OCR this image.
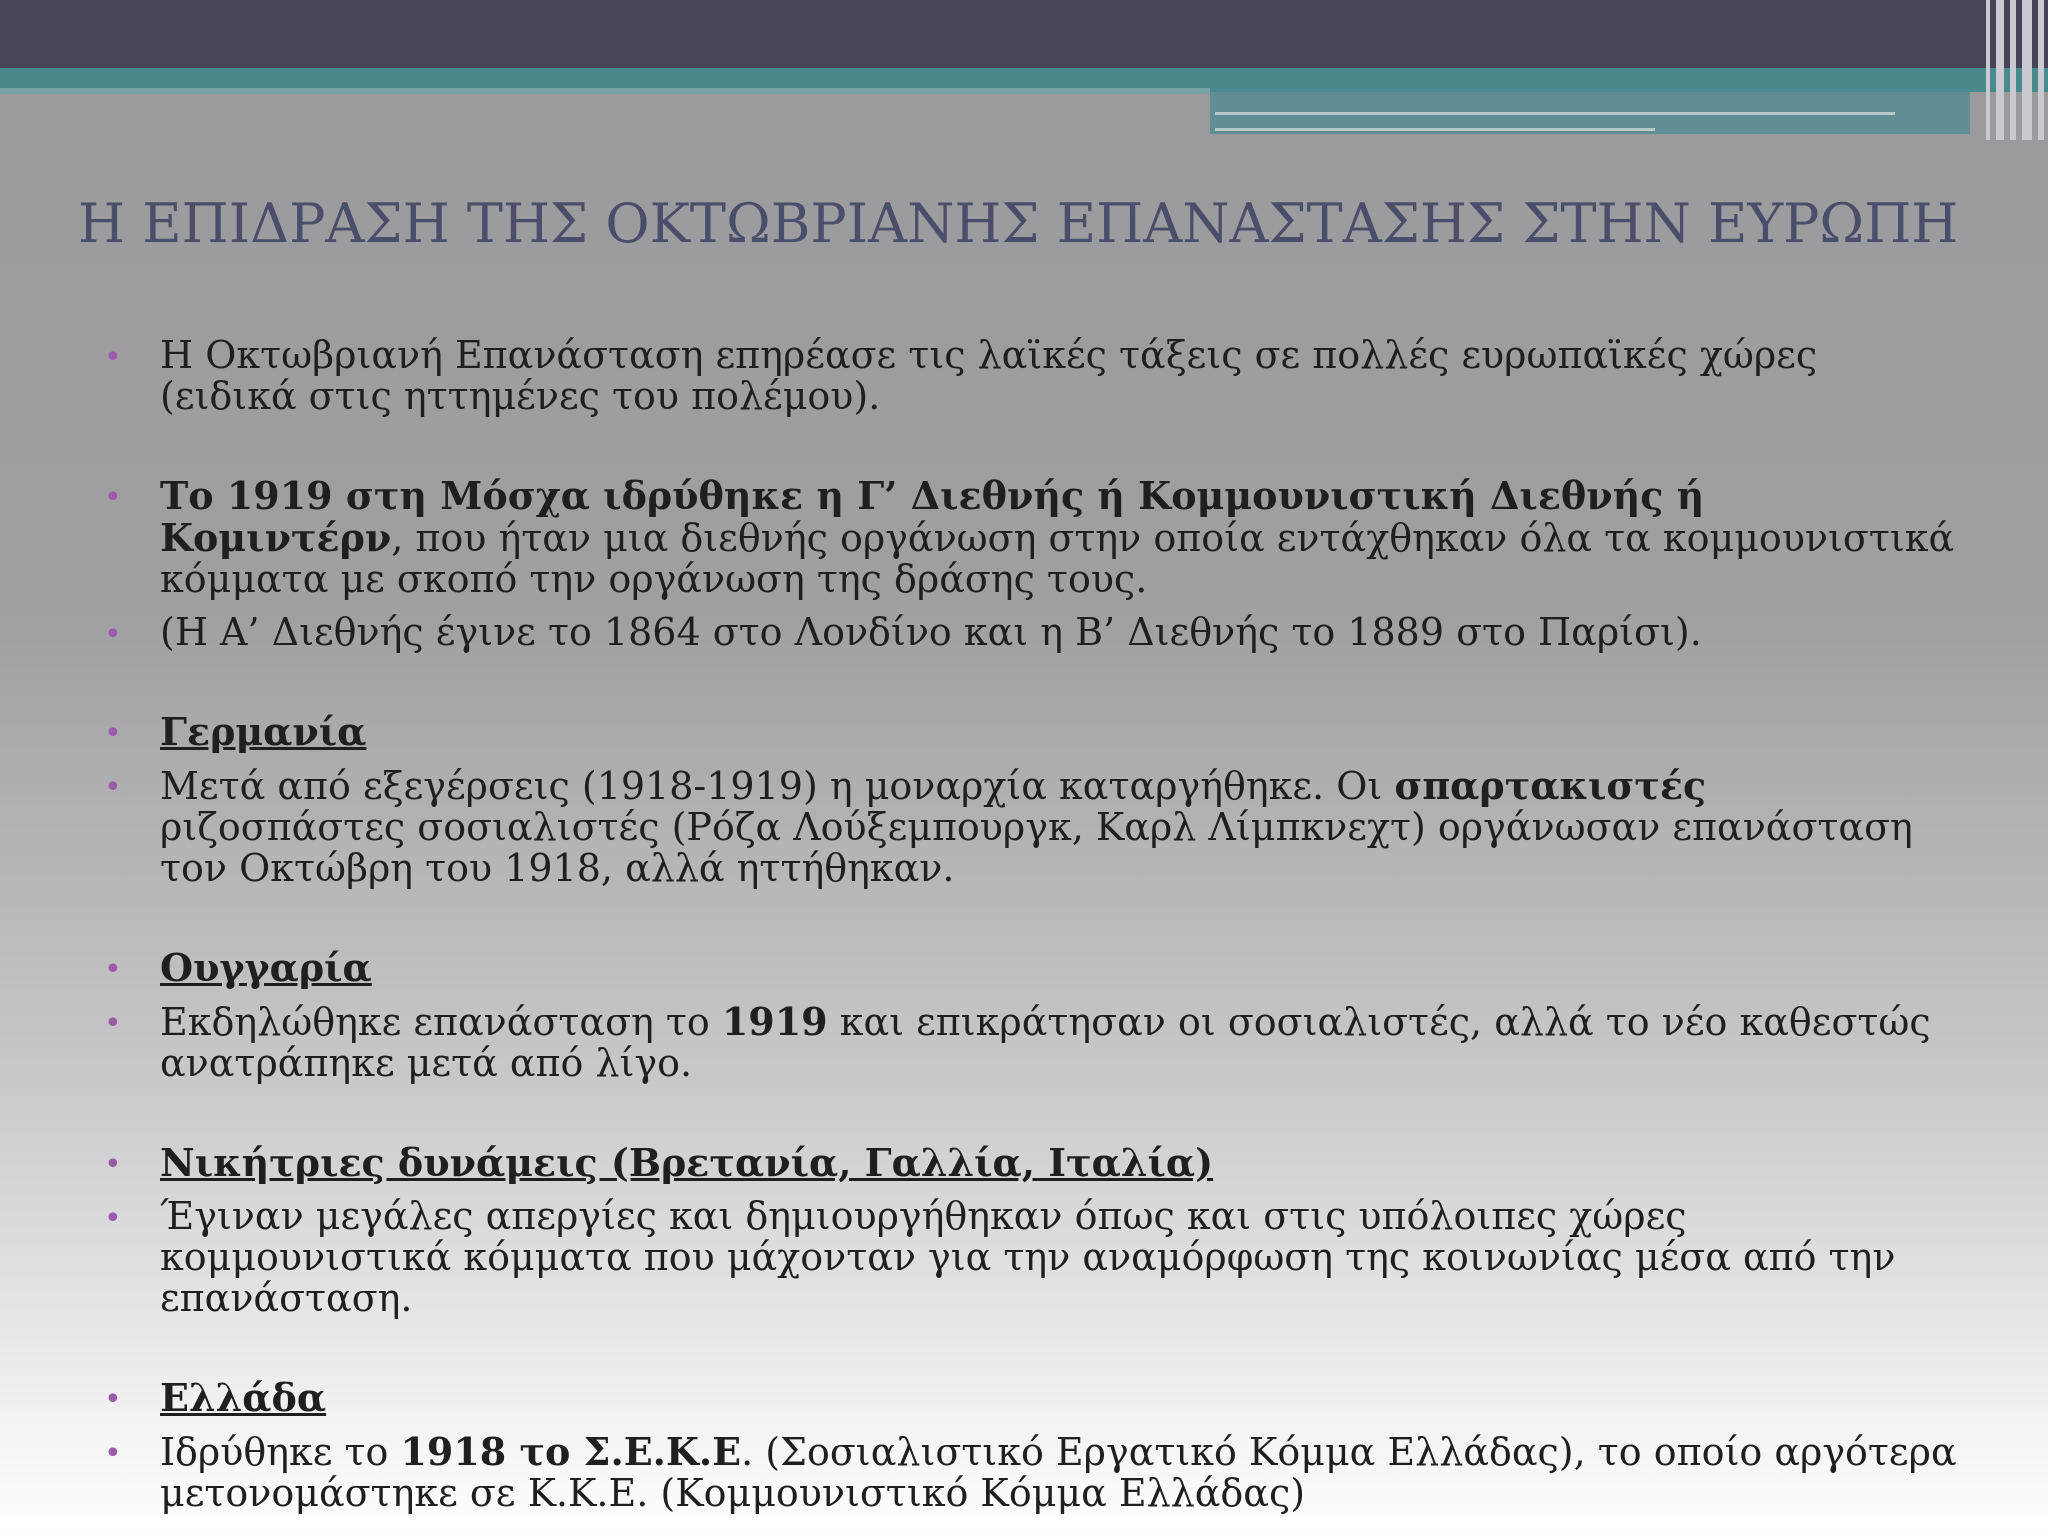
Η ΕΠΙΔΡΑΣΗ ΤΗΣ ΟΚΤΩΒΡΙΑΝΗΣ ΕΠΑΝΑΣΤΑΣΗΣ ΣΤΗΝ ΕΥΡΩΠΗ
• Η Οκτωβριανή Επανάσταση επηρέασε τις λαϊκές τάξεις σε πολλές ευρωπαϊκές χώρες (ειδικά στις ηττημένες του πολέμου).
• Το 1919 στη Μόσχα ιδρύθηκε η Γ’ Διεθνής ή Κομμουνιστική Διεθνής ή Κομιντέρν, που ήταν μια διεθνής οργάνωση στην οποία εντάχθηκαν όλα τα κομμουνιστικά κόμματα με σκοπό την οργάνωση της δράσης τους.
• (Η Α’ Διεθνής έγινε το 1864 στο Λονδίνο και η Β’ Διεθνής το 1889 στο Παρίσι).
• Γερμανία
• Μετά από εξεγέρσεις (1918-1919) η μοναρχία καταργήθηκε. Οι σπαρτακιστές ριζοσπάστες σοσιαλιστές (Ρόζα Λούξεμπουργκ, Καρλ Λίμπκνεχτ) οργάνωσαν επανάσταση τον Οκτώβρη του 1918, αλλά ηττήθηκαν.
• Ουγγαρία
• Εκδηλώθηκε επανάσταση το 1919 και επικράτησαν οι σοσιαλιστές, αλλά το νέο καθεστώς ανατράπηκε μετά από λίγο.
• Νικήτριες δυνάμεις (Βρετανία, Γαλλία, Ιταλία)
• Έγιναν μεγάλες απεργίες και δημιουργήθηκαν όπως και στις υπόλοιπες χώρες κομμουνιστικά κόμματα που μάχονταν για την αναμόρφωση της κοινωνίας μέσα από την επανάσταση.
• Ελλάδα
• Ιδρύθηκε το 1918 το Σ.Ε.Κ.Ε. (Σοσιαλιστικό Εργατικό Κόμμα Ελλάδας), το οποίο αργότερα μετονομάστηκε σε Κ.Κ.Ε. (Κομμουνιστικό Κόμμα Ελλάδας)
